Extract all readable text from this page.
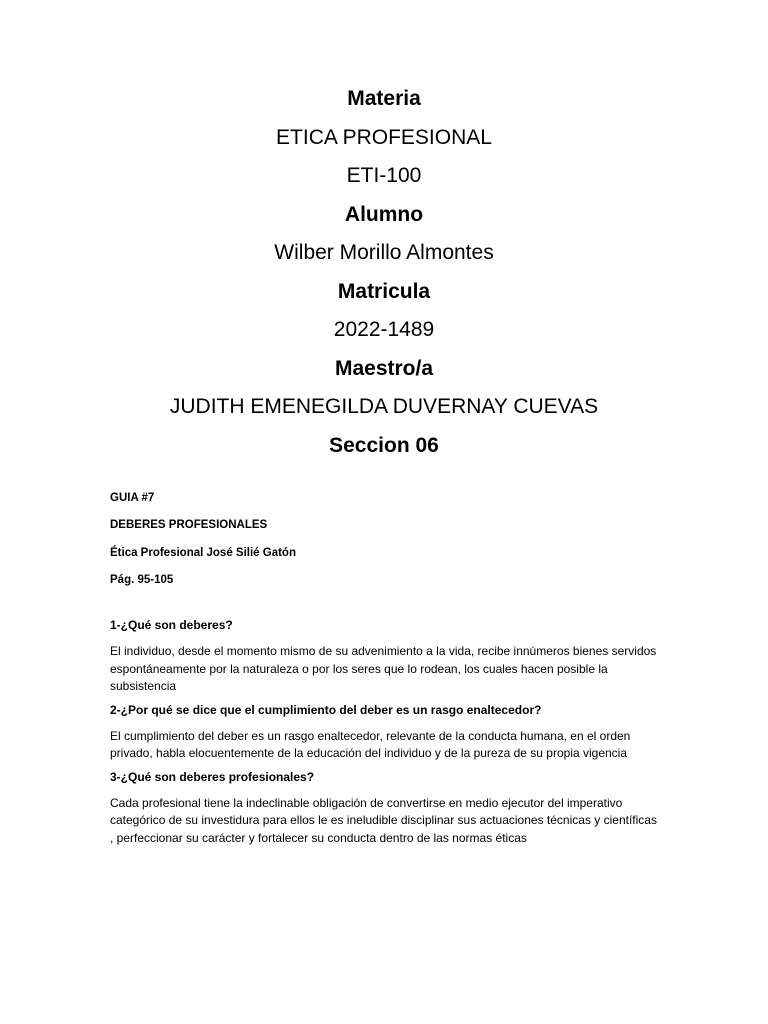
Materia
ETICA PROFESIONAL
ETI-100
Alumno
Wilber Morillo Almontes
Matricula
2022-1489
Maestro/a
JUDITH EMENEGILDA DUVERNAY CUEVAS
Seccion 06
GUIA #7
DEBERES PROFESIONALES
Ética Profesional José Silié Gatón
Pág. 95-105
1-¿Qué son deberes?
El individuo, desde el momento mismo de su advenimiento a la vida, recibe innúmeros bienes servidos espontáneamente por la naturaleza o por los seres que lo rodean, los cuales hacen posible la subsistencia
2-¿Por qué se dice que el cumplimiento del deber es un rasgo enaltecedor?
El cumplimiento del deber es un rasgo enaltecedor, relevante de la conducta humana, en el orden privado, habla elocuentemente de la educación del individuo y de la pureza de su propia vigencia
3-¿Qué son deberes profesionales?
Cada profesional tiene la indeclinable obligación de convertirse en medio ejecutor del imperativo categórico de su investidura para ellos le es ineludible disciplinar sus actuaciones técnicas y científicas , perfeccionar su carácter y fortalecer su conducta dentro de las normas éticas
